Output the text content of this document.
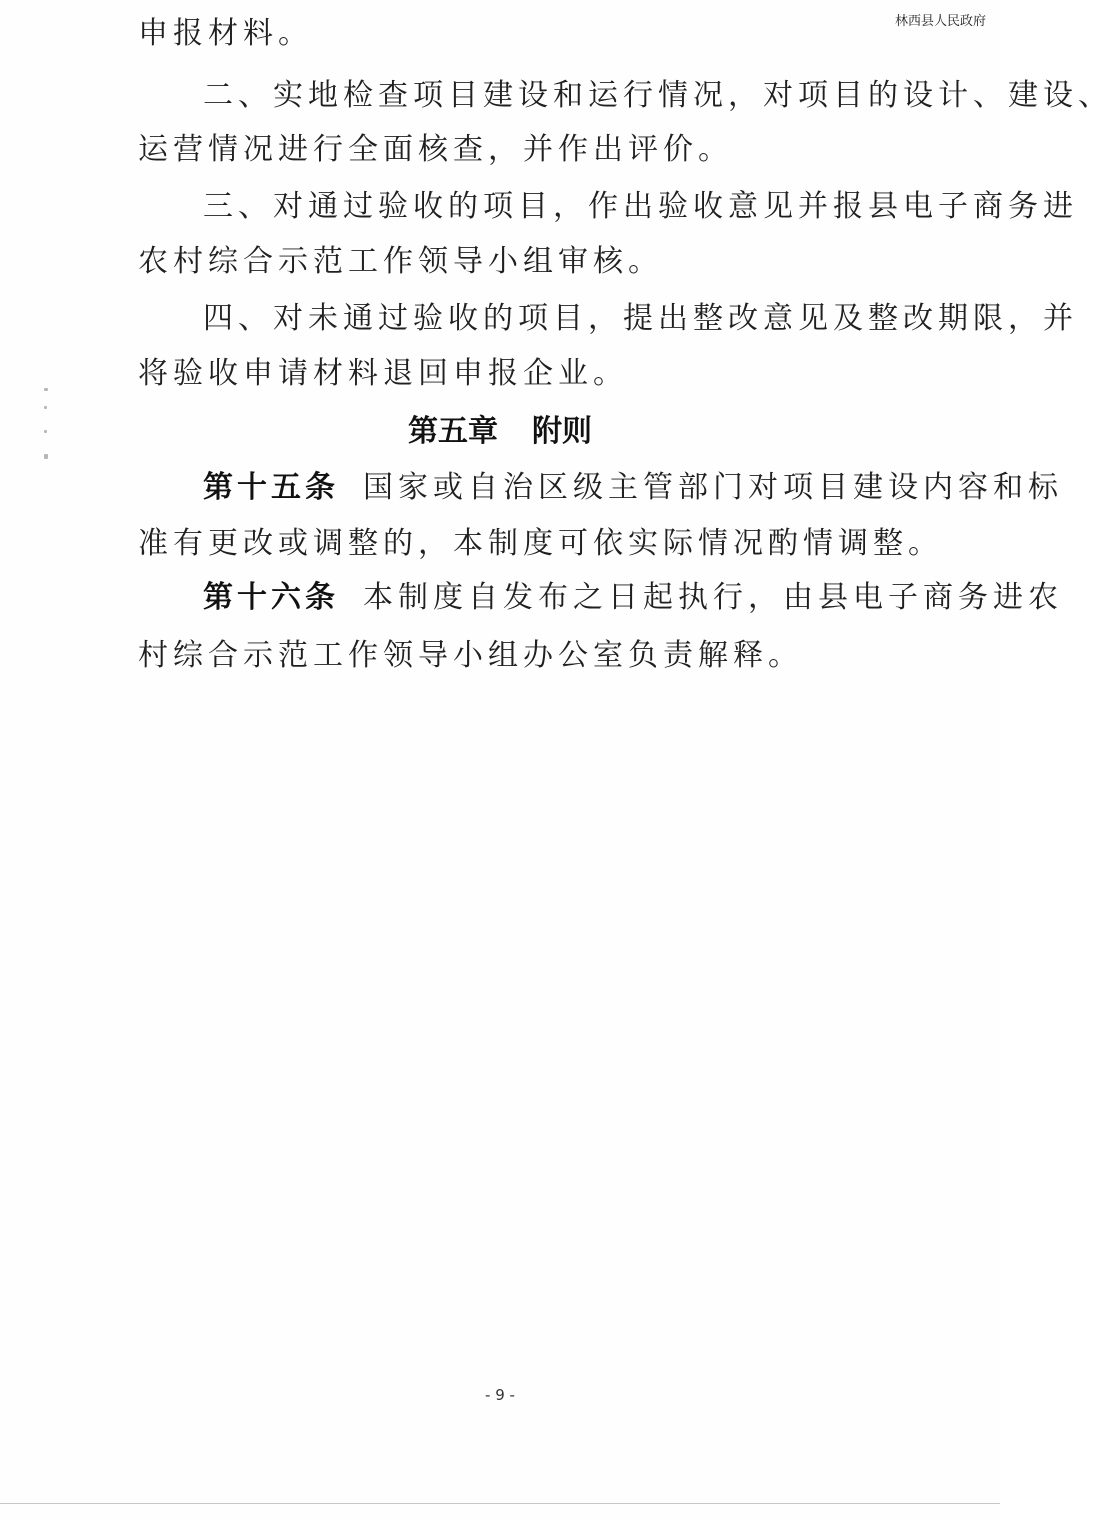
林西县人民政府
申报材料。
二、实地检查项目建设和运行情况，对项目的设计、建设、
运营情况进行全面核查，并作出评价。
三、对通过验收的项目，作出验收意见并报县电子商务进
农村综合示范工作领导小组审核。
四、对未通过验收的项目，提出整改意见及整改期限，并
将验收申请材料退回申报企业。
第五章 附则
第十五条 国家或自治区级主管部门对项目建设内容和标
准有更改或调整的，本制度可依实际情况酌情调整。
第十六条 本制度自发布之日起执行，由县电子商务进农
村综合示范工作领导小组办公室负责解释。
- 9 -
